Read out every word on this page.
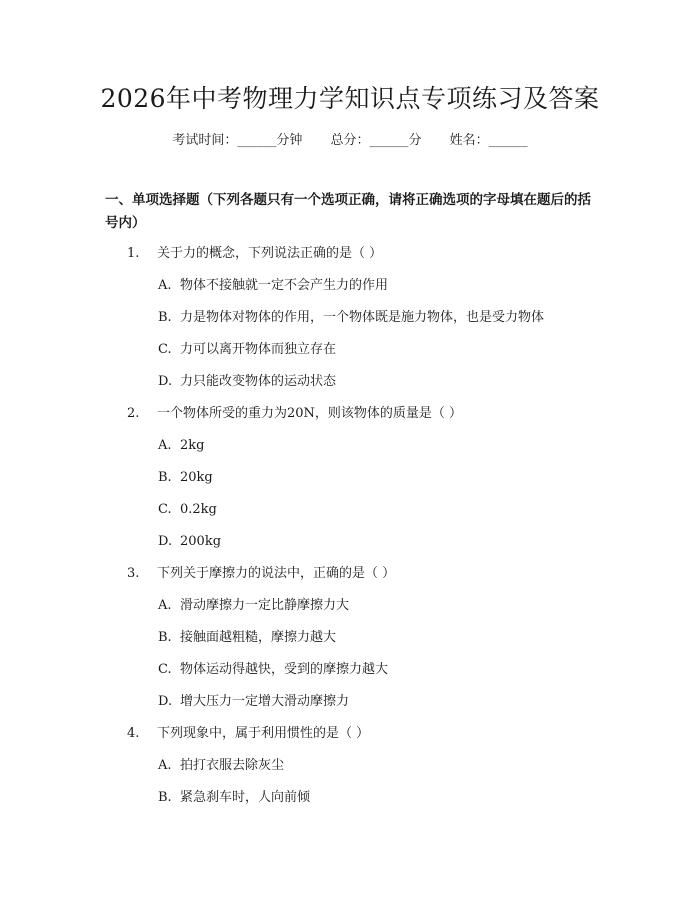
2026年中考物理力学知识点专项练习及答案
考试时间：______分钟 总分：______分 姓名：______
一、单项选择题（下列各题只有一个选项正确，请将正确选项的字母填在题后的括号内）
1. 关于力的概念，下列说法正确的是（ ）
A. 物体不接触就一定不会产生力的作用
B. 力是物体对物体的作用，一个物体既是施力物体，也是受力物体
C. 力可以离开物体而独立存在
D. 力只能改变物体的运动状态
2. 一个物体所受的重力为20N，则该物体的质量是（ ）
A. 2kg
B. 20kg
C. 0.2kg
D. 200kg
3. 下列关于摩擦力的说法中，正确的是（ ）
A. 滑动摩擦力一定比静摩擦力大
B. 接触面越粗糙，摩擦力越大
C. 物体运动得越快，受到的摩擦力越大
D. 增大压力一定增大滑动摩擦力
4. 下列现象中，属于利用惯性的是（ ）
A. 拍打衣服去除灰尘
B. 紧急刹车时，人向前倾
